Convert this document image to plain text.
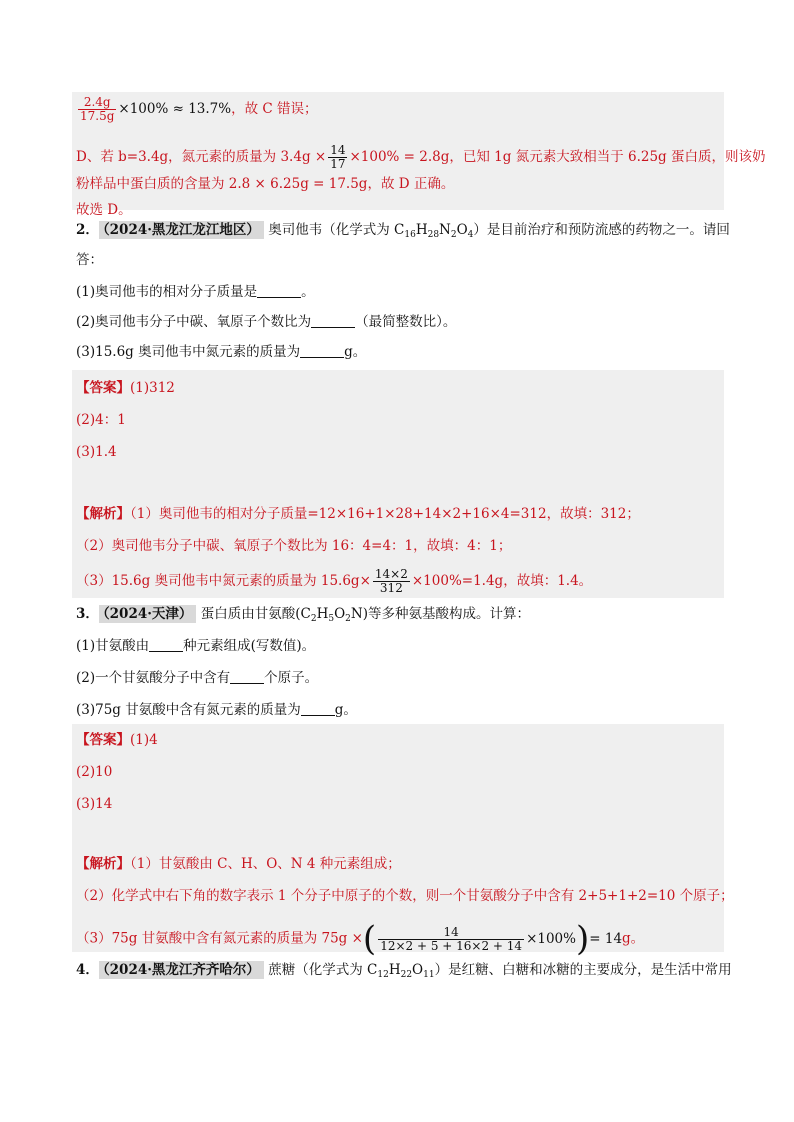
$\frac{2.4g}{17.5g} \times 100\% \approx 13.7\%$，故 C 错误；
D、若 b=3.4g，氮元素的质量为 $3.4g \times \frac{14}{17} \times 100\% = 2.8g$，已知 1g 氮元素大致相当于 6.25g 蛋白质，则该奶
粉样品中蛋白质的含量为 2.8 × 6.25g = 17.5g，故 D 正确。
故选 D。
2． （2024·黑龙江龙江地区） 奥司他韦（化学式为 $C_{16}H_{28}N_2O_4$）是目前治疗和预防流感的药物之一。请回
答：
(1)奥司他韦的相对分子质量是	。
(2)奥司他韦分子中碳、氧原子个数比为	（最简整数比）。
(3)15.6g 奥司他韦中氮元素的质量为	g。
【答案】(1)312
(2)4：1
(3)1.4
【解析】（1）奥司他韦的相对分子质量=12×16+1×28+14×2+16×4=312，故填：312；
（2）奥司他韦分子中碳、氧原子个数比为 16：4=4：1，故填：4：1；
（3）15.6g 奥司他韦中氮元素的质量为 $15.6g\times \frac{14\times 2}{312} \times 100\%=1.4g$，故填：1.4。
3． （2024·天津） 蛋白质由甘氨酸$(C_2H_5O_2N)$等多种氨基酸构成。计算：
(1)甘氨酸由	种元素组成(写数值)。
(2)一个甘氨酸分子中含有	个原子。
(3)75g 甘氨酸中含有氮元素的质量为	g。
【答案】(1)4
(2)10
(3)14
【解析】（1）甘氨酸由 C、H、O、N 4 种元素组成；
（2）化学式中右下角的数字表示 1 个分子中原子的个数，则一个甘氨酸分子中含有 2+5+1+2=10 个原子；
（3）75g 甘氨酸中含有氮元素的质量为 75g ×( $\frac{14}{12\times 2 + 5 + 16\times 2 + 14} \times 100\%)= 14g$。
4． （2024·黑龙江齐齐哈尔） 蔗糖（化学式为 $C_{12}H_{22}O_{11}$）是红糖、白糖和冰糖的主要成分，是生活中常用
